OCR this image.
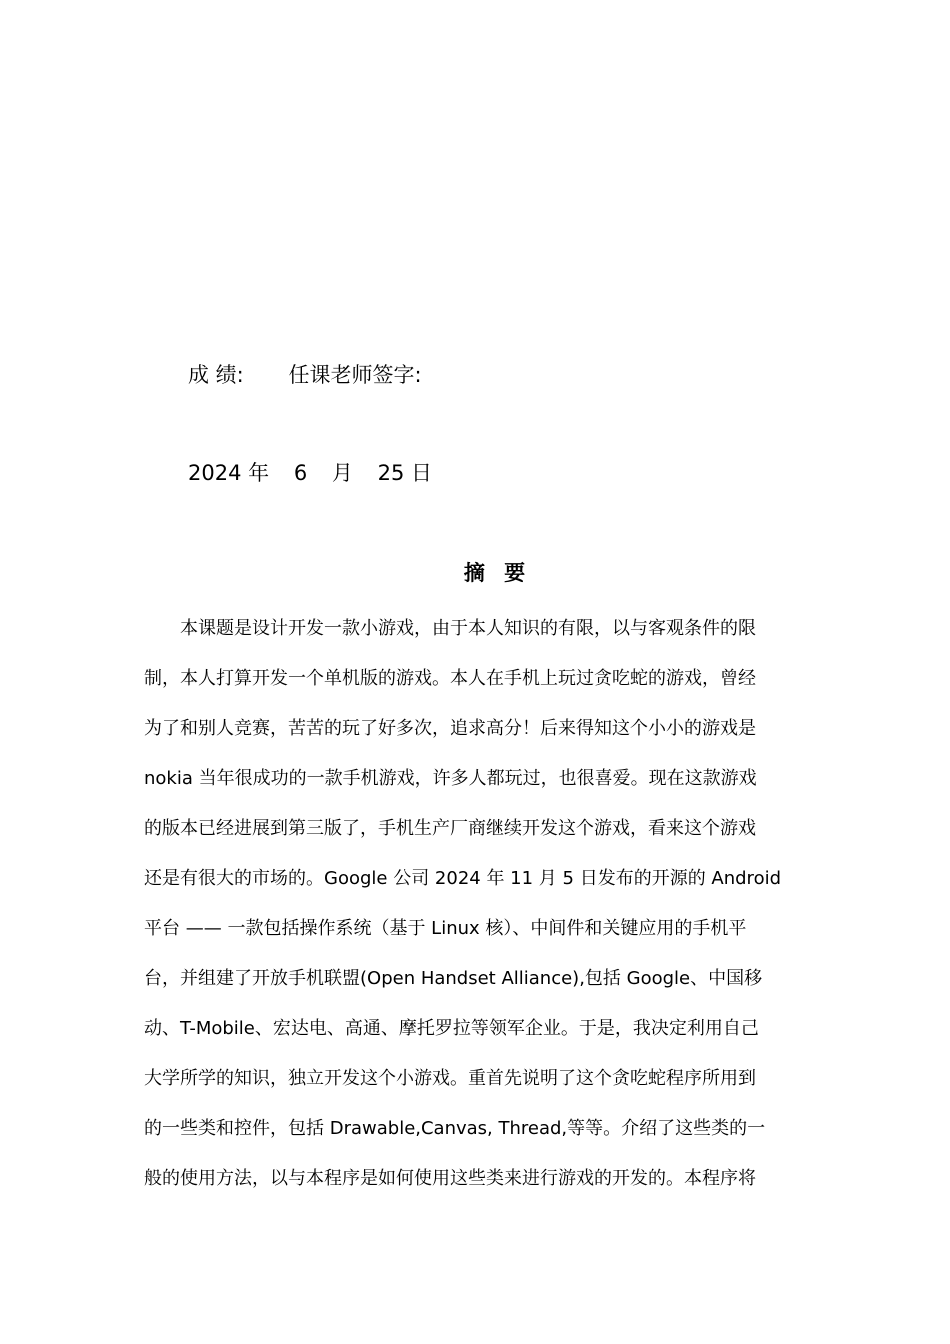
成 绩: 任课老师签字:
2024 年 6 月 25 日
摘 要
　　本课题是设计开发一款小游戏，由于本人知识的有限，以与客观条件的限
制，本人打算开发一个单机版的游戏。本人在手机上玩过贪吃蛇的游戏，曾经
为了和别人竞赛，苦苦的玩了好多次，追求高分！后来得知这个小小的游戏是
nokia 当年很成功的一款手机游戏，许多人都玩过，也很喜爱。现在这款游戏
的版本已经进展到第三版了，手机生产厂商继续开发这个游戏，看来这个游戏
还是有很大的市场的。Google 公司 2024 年 11 月 5 日发布的开源的 Android
平台 —— 一款包括操作系统（基于 Linux 核）、中间件和关键应用的手机平
台，并组建了开放手机联盟(Open Handset Alliance),包括 Google、中国移
动、T-Mobile、宏达电、高通、摩托罗拉等领军企业。于是，我决定利用自己
大学所学的知识，独立开发这个小游戏。重首先说明了这个贪吃蛇程序所用到
的一些类和控件，包括 Drawable,Canvas, Thread,等等。介绍了这些类的一
般的使用方法，以与本程序是如何使用这些类来进行游戏的开发的。本程序将
